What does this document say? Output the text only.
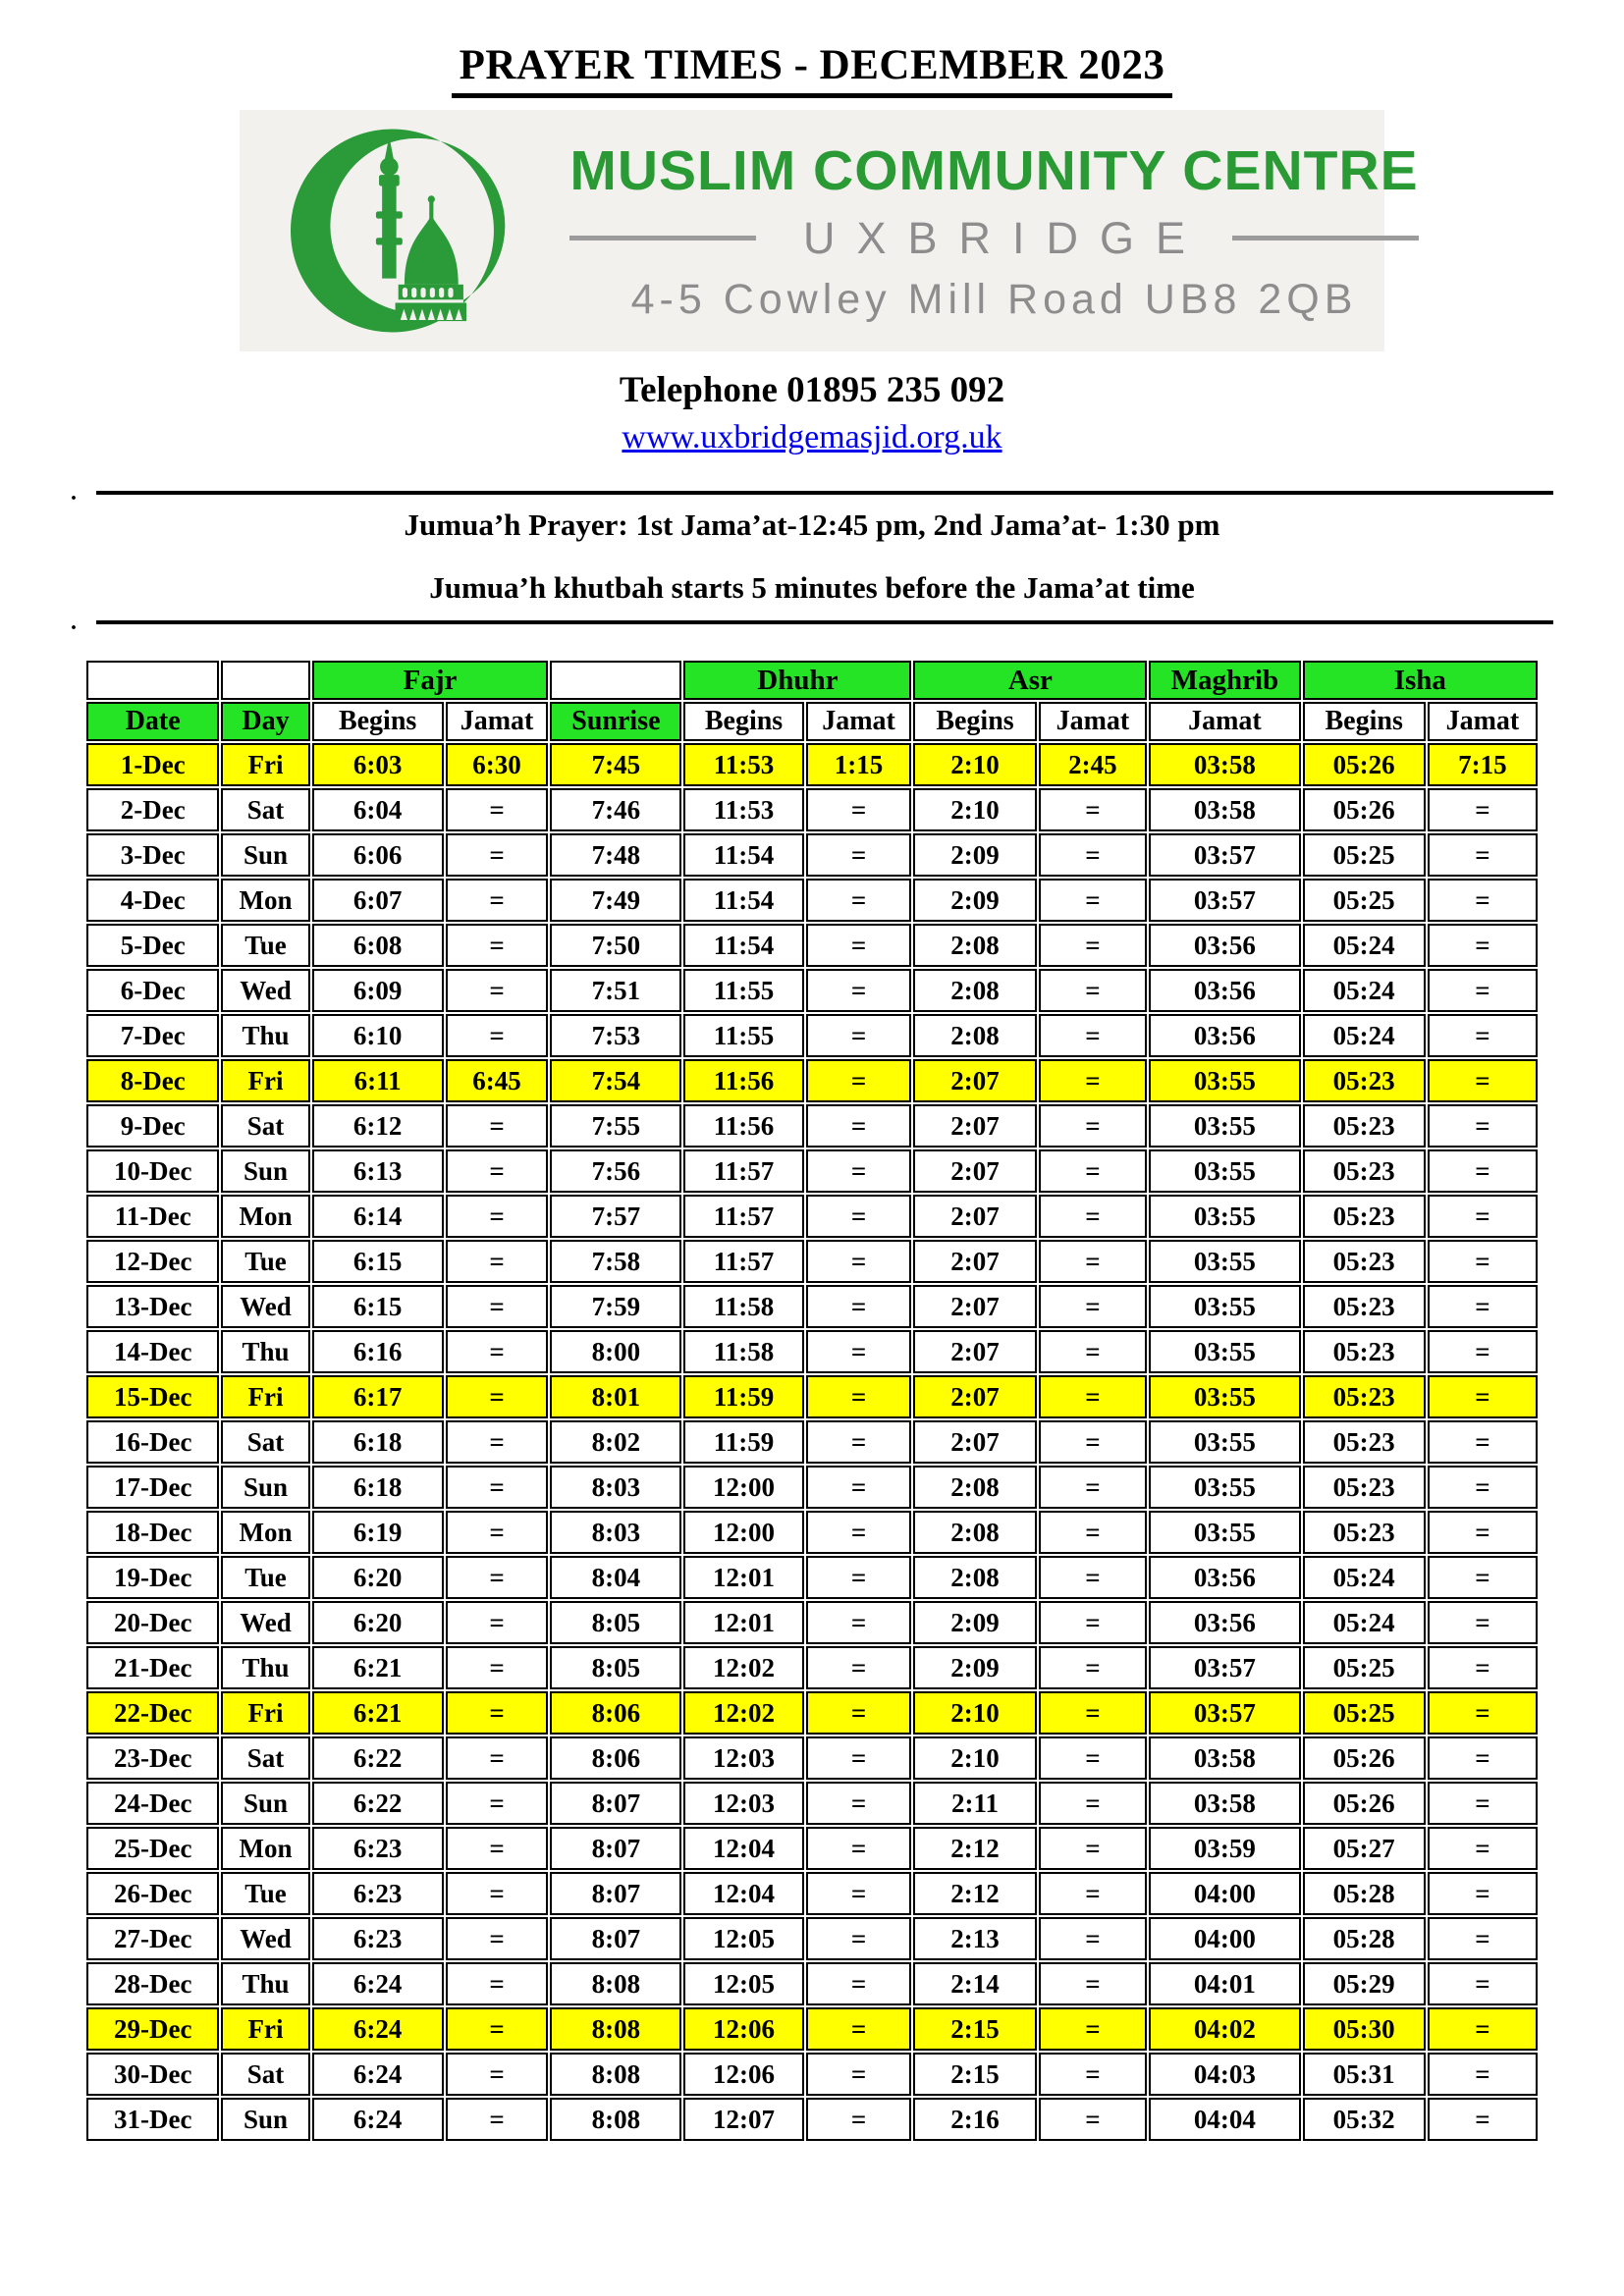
PRAYER TIMES - DECEMBER 2023
MUSLIM COMMUNITY CENTRE
UXBRIDGE
4-5 Cowley Mill Road UB8 2QB
Telephone 01895 235 092
www.uxbridgemasjid.org.uk
.
Jumua’h Prayer: 1st Jama’at-12:45 pm, 2nd Jama’at- 1:30 pm
Jumua’h khutbah starts 5 minutes before the Jama’at time
.
		Fajr			Dhuhr		Asr		Maghrib	Isha	
Date	Day	Begins	Jamat	Sunrise	Begins	Jamat	Begins	Jamat	Jamat	Begins	Jamat
1-Dec	Fri	6:03	6:30	7:45	11:53	1:15	2:10	2:45	03:58	05:26	7:15
2-Dec	Sat	6:04	=	7:46	11:53	=	2:10	=	03:58	05:26	=
3-Dec	Sun	6:06	=	7:48	11:54	=	2:09	=	03:57	05:25	=
4-Dec	Mon	6:07	=	7:49	11:54	=	2:09	=	03:57	05:25	=
5-Dec	Tue	6:08	=	7:50	11:54	=	2:08	=	03:56	05:24	=
6-Dec	Wed	6:09	=	7:51	11:55	=	2:08	=	03:56	05:24	=
7-Dec	Thu	6:10	=	7:53	11:55	=	2:08	=	03:56	05:24	=
8-Dec	Fri	6:11	6:45	7:54	11:56	=	2:07	=	03:55	05:23	=
9-Dec	Sat	6:12	=	7:55	11:56	=	2:07	=	03:55	05:23	=
10-Dec	Sun	6:13	=	7:56	11:57	=	2:07	=	03:55	05:23	=
11-Dec	Mon	6:14	=	7:57	11:57	=	2:07	=	03:55	05:23	=
12-Dec	Tue	6:15	=	7:58	11:57	=	2:07	=	03:55	05:23	=
13-Dec	Wed	6:15	=	7:59	11:58	=	2:07	=	03:55	05:23	=
14-Dec	Thu	6:16	=	8:00	11:58	=	2:07	=	03:55	05:23	=
15-Dec	Fri	6:17	=	8:01	11:59	=	2:07	=	03:55	05:23	=
16-Dec	Sat	6:18	=	8:02	11:59	=	2:07	=	03:55	05:23	=
17-Dec	Sun	6:18	=	8:03	12:00	=	2:08	=	03:55	05:23	=
18-Dec	Mon	6:19	=	8:03	12:00	=	2:08	=	03:55	05:23	=
19-Dec	Tue	6:20	=	8:04	12:01	=	2:08	=	03:56	05:24	=
20-Dec	Wed	6:20	=	8:05	12:01	=	2:09	=	03:56	05:24	=
21-Dec	Thu	6:21	=	8:05	12:02	=	2:09	=	03:57	05:25	=
22-Dec	Fri	6:21	=	8:06	12:02	=	2:10	=	03:57	05:25	=
23-Dec	Sat	6:22	=	8:06	12:03	=	2:10	=	03:58	05:26	=
24-Dec	Sun	6:22	=	8:07	12:03	=	2:11	=	03:58	05:26	=
25-Dec	Mon	6:23	=	8:07	12:04	=	2:12	=	03:59	05:27	=
26-Dec	Tue	6:23	=	8:07	12:04	=	2:12	=	04:00	05:28	=
27-Dec	Wed	6:23	=	8:07	12:05	=	2:13	=	04:00	05:28	=
28-Dec	Thu	6:24	=	8:08	12:05	=	2:14	=	04:01	05:29	=
29-Dec	Fri	6:24	=	8:08	12:06	=	2:15	=	04:02	05:30	=
30-Dec	Sat	6:24	=	8:08	12:06	=	2:15	=	04:03	05:31	=
31-Dec	Sun	6:24	=	8:08	12:07	=	2:16	=	04:04	05:32	=
